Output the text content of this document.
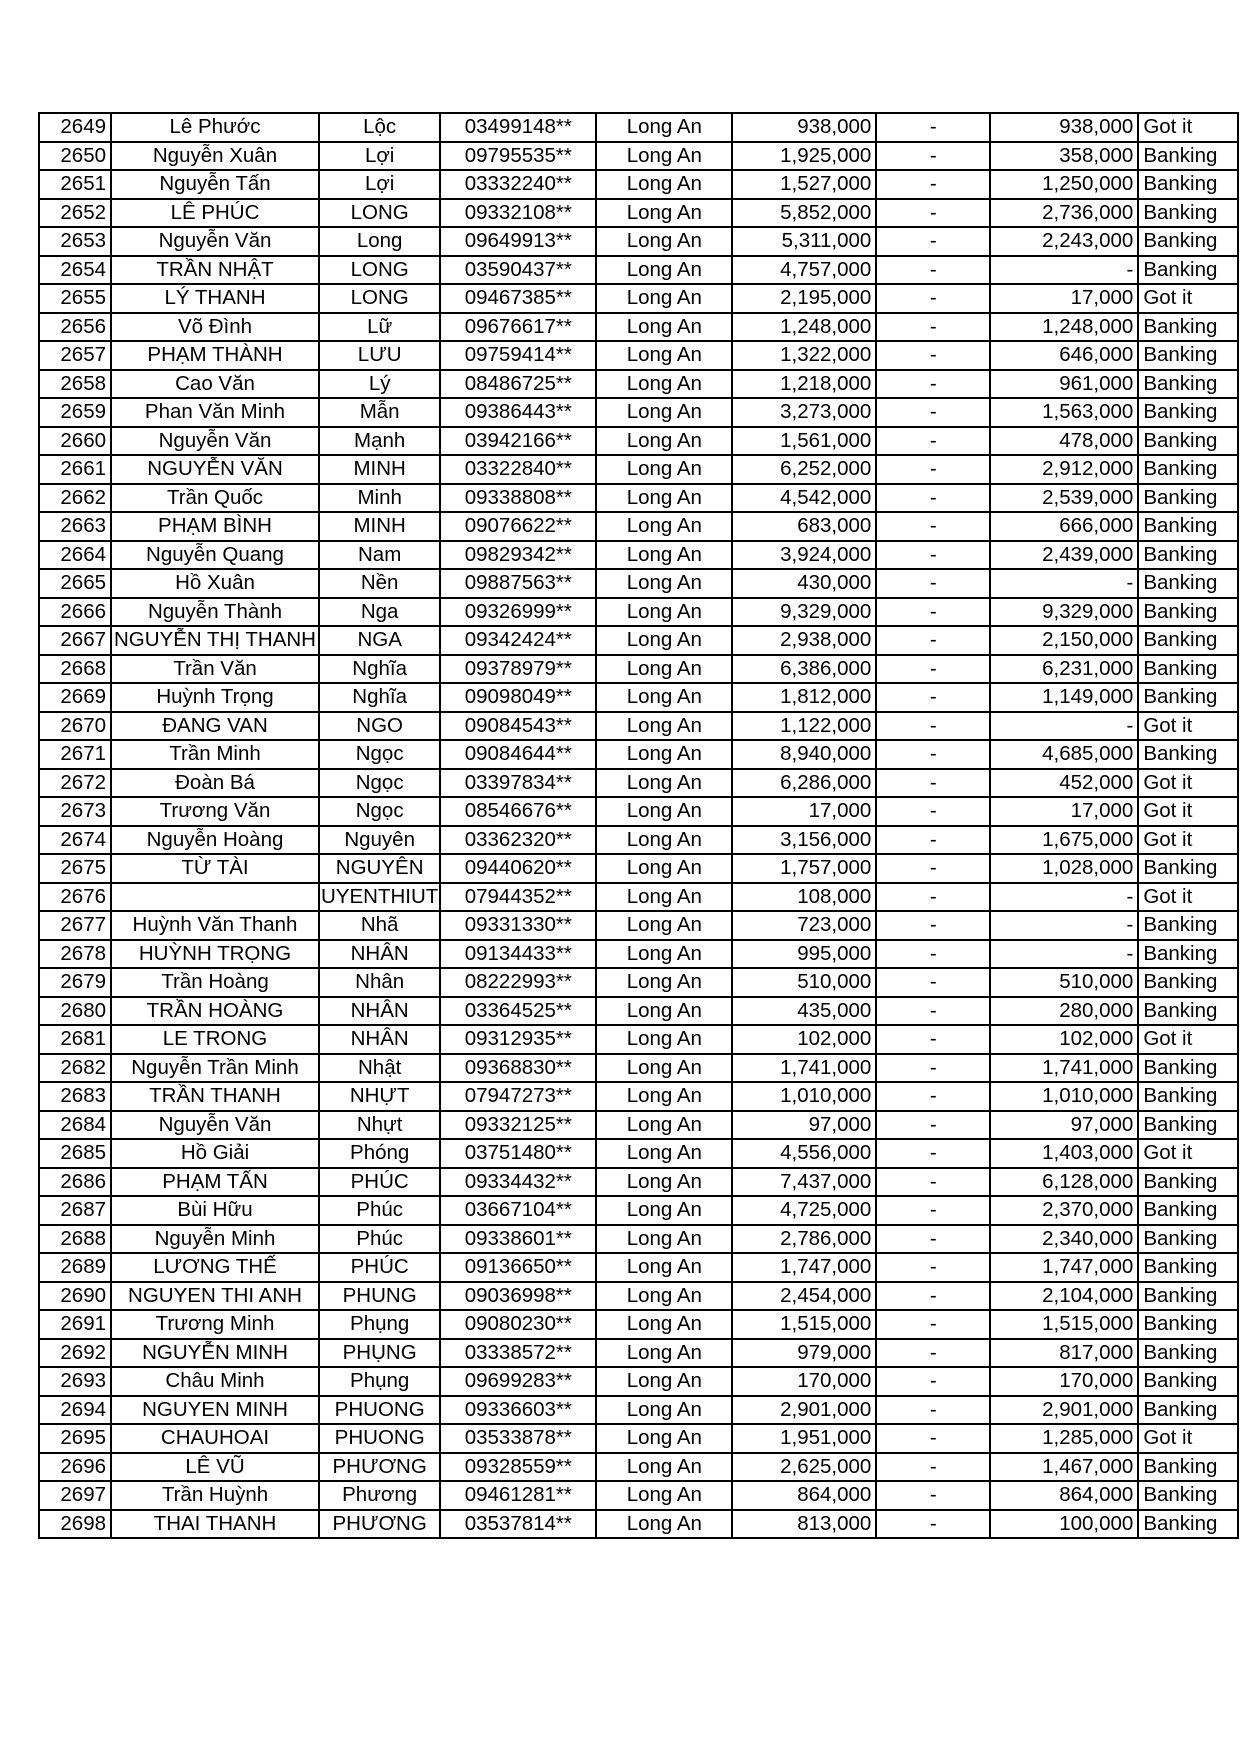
2649	Lê Phước	Lộc	03499148**	Long An	938,000	-	938,000	Got it
2650	Nguyễn Xuân	Lợi	09795535**	Long An	1,925,000	-	358,000	Banking
2651	Nguyễn Tấn	Lợi	03332240**	Long An	1,527,000	-	1,250,000	Banking
2652	LÊ PHÚC	LONG	09332108**	Long An	5,852,000	-	2,736,000	Banking
2653	Nguyễn Văn	Long	09649913**	Long An	5,311,000	-	2,243,000	Banking
2654	TRẦN NHẬT	LONG	03590437**	Long An	4,757,000	-	-	Banking
2655	LÝ THANH	LONG	09467385**	Long An	2,195,000	-	17,000	Got it
2656	Võ Đình	Lữ	09676617**	Long An	1,248,000	-	1,248,000	Banking
2657	PHẠM THÀNH	LƯU	09759414**	Long An	1,322,000	-	646,000	Banking
2658	Cao Văn	Lý	08486725**	Long An	1,218,000	-	961,000	Banking
2659	Phan Văn Minh	Mẫn	09386443**	Long An	3,273,000	-	1,563,000	Banking
2660	Nguyễn Văn	Mạnh	03942166**	Long An	1,561,000	-	478,000	Banking
2661	NGUYỄN VĂN	MINH	03322840**	Long An	6,252,000	-	2,912,000	Banking
2662	Trần Quốc	Minh	09338808**	Long An	4,542,000	-	2,539,000	Banking
2663	PHẠM BÌNH	MINH	09076622**	Long An	683,000	-	666,000	Banking
2664	Nguyễn Quang	Nam	09829342**	Long An	3,924,000	-	2,439,000	Banking
2665	Hồ Xuân	Nền	09887563**	Long An	430,000	-	-	Banking
2666	Nguyễn Thành	Nga	09326999**	Long An	9,329,000	-	9,329,000	Banking
2667	NGUYỄN THỊ THANH	NGA	09342424**	Long An	2,938,000	-	2,150,000	Banking
2668	Trần Văn	Nghĩa	09378979**	Long An	6,386,000	-	6,231,000	Banking
2669	Huỳnh Trọng	Nghĩa	09098049**	Long An	1,812,000	-	1,149,000	Banking
2670	ĐANG VAN	NGO	09084543**	Long An	1,122,000	-	-	Got it
2671	Trần Minh	Ngọc	09084644**	Long An	8,940,000	-	4,685,000	Banking
2672	Đoàn Bá	Ngọc	03397834**	Long An	6,286,000	-	452,000	Got it
2673	Trương Văn	Ngọc	08546676**	Long An	17,000	-	17,000	Got it
2674	Nguyễn Hoàng	Nguyên	03362320**	Long An	3,156,000	-	1,675,000	Got it
2675	TỪ TÀI	NGUYÊN	09440620**	Long An	1,757,000	-	1,028,000	Banking
2676		UYENTHIUT	07944352**	Long An	108,000	-	-	Got it
2677	Huỳnh Văn Thanh	Nhã	09331330**	Long An	723,000	-	-	Banking
2678	HUỲNH TRỌNG	NHÂN	09134433**	Long An	995,000	-	-	Banking
2679	Trần Hoàng	Nhân	08222993**	Long An	510,000	-	510,000	Banking
2680	TRẦN HOÀNG	NHÂN	03364525**	Long An	435,000	-	280,000	Banking
2681	LE TRONG	NHÂN	09312935**	Long An	102,000	-	102,000	Got it
2682	Nguyễn Trần Minh	Nhật	09368830**	Long An	1,741,000	-	1,741,000	Banking
2683	TRẦN THANH	NHỰT	07947273**	Long An	1,010,000	-	1,010,000	Banking
2684	Nguyễn Văn	Nhựt	09332125**	Long An	97,000	-	97,000	Banking
2685	Hồ Giải	Phóng	03751480**	Long An	4,556,000	-	1,403,000	Got it
2686	PHẠM TẤN	PHÚC	09334432**	Long An	7,437,000	-	6,128,000	Banking
2687	Bùi Hữu	Phúc	03667104**	Long An	4,725,000	-	2,370,000	Banking
2688	Nguyễn Minh	Phúc	09338601**	Long An	2,786,000	-	2,340,000	Banking
2689	LƯƠNG THẾ	PHÚC	09136650**	Long An	1,747,000	-	1,747,000	Banking
2690	NGUYEN THI ANH	PHUNG	09036998**	Long An	2,454,000	-	2,104,000	Banking
2691	Trương Minh	Phụng	09080230**	Long An	1,515,000	-	1,515,000	Banking
2692	NGUYỄN MINH	PHỤNG	03338572**	Long An	979,000	-	817,000	Banking
2693	Châu Minh	Phụng	09699283**	Long An	170,000	-	170,000	Banking
2694	NGUYEN MINH	PHUONG	09336603**	Long An	2,901,000	-	2,901,000	Banking
2695	CHAUHOAI	PHUONG	03533878**	Long An	1,951,000	-	1,285,000	Got it
2696	LÊ VŨ	PHƯƠNG	09328559**	Long An	2,625,000	-	1,467,000	Banking
2697	Trần Huỳnh	Phương	09461281**	Long An	864,000	-	864,000	Banking
2698	THAI THANH	PHƯƠNG	03537814**	Long An	813,000	-	100,000	Banking
